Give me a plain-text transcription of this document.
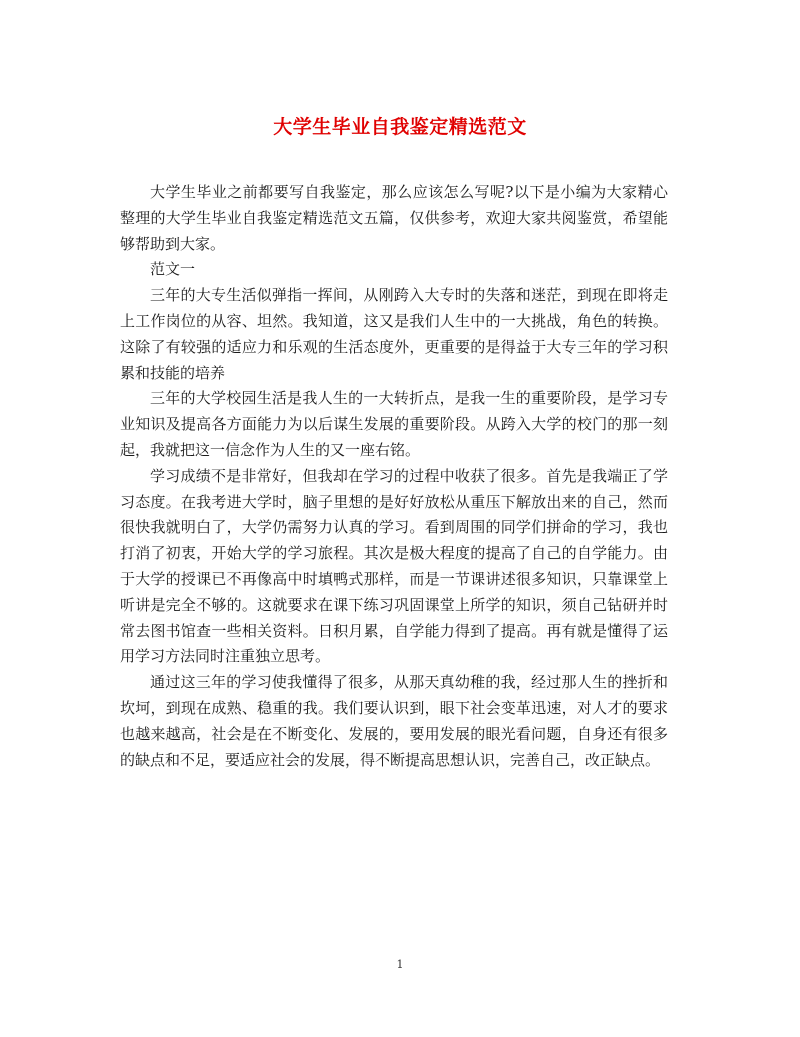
大学生毕业自我鉴定精选范文

大学生毕业之前都要写自我鉴定，那么应该怎么写呢?以下是小编为大家精心整理的大学生毕业自我鉴定精选范文五篇，仅供参考，欢迎大家共阅鉴赏，希望能够帮助到大家。

范文一

三年的大专生活似弹指一挥间，从刚跨入大专时的失落和迷茫，到现在即将走上工作岗位的从容、坦然。我知道，这又是我们人生中的一大挑战，角色的转换。这除了有较强的适应力和乐观的生活态度外，更重要的是得益于大专三年的学习积累和技能的培养

三年的大学校园生活是我人生的一大转折点，是我一生的重要阶段，是学习专业知识及提高各方面能力为以后谋生发展的重要阶段。从跨入大学的校门的那一刻起，我就把这一信念作为人生的又一座右铭。

学习成绩不是非常好，但我却在学习的过程中收获了很多。首先是我端正了学习态度。在我考进大学时，脑子里想的是好好放松从重压下解放出来的自己，然而很快我就明白了，大学仍需努力认真的学习。看到周围的同学们拼命的学习，我也打消了初衷，开始大学的学习旅程。其次是极大程度的提高了自己的自学能力。由于大学的授课已不再像高中时填鸭式那样，而是一节课讲述很多知识，只靠课堂上听讲是完全不够的。这就要求在课下练习巩固课堂上所学的知识，须自己钻研并时常去图书馆查一些相关资料。日积月累，自学能力得到了提高。再有就是懂得了运用学习方法同时注重独立思考。

通过这三年的学习使我懂得了很多，从那天真幼稚的我，经过那人生的挫折和坎坷，到现在成熟、稳重的我。我们要认识到，眼下社会变革迅速，对人才的要求也越来越高，社会是在不断变化、发展的，要用发展的眼光看问题，自身还有很多的缺点和不足，要适应社会的发展，得不断提高思想认识，完善自己，改正缺点。

1
